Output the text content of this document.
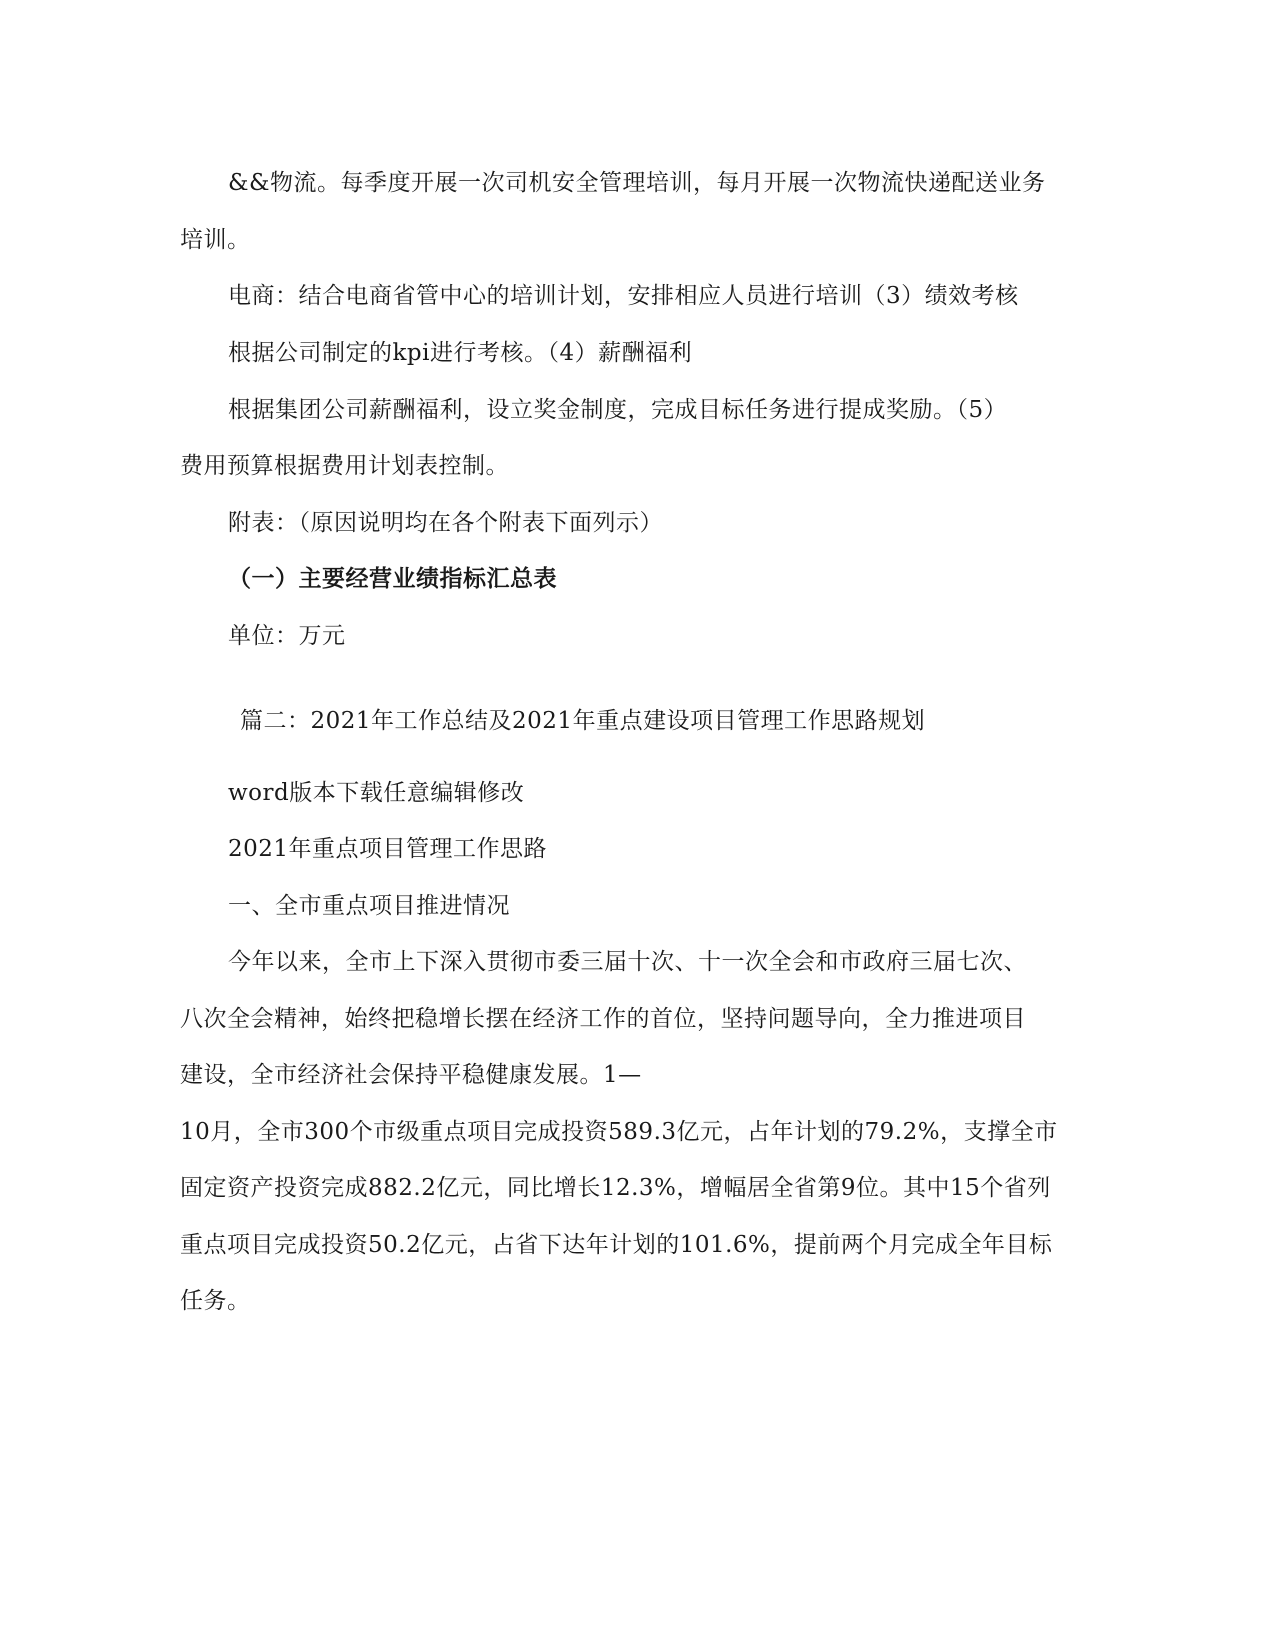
&&物流。每季度开展一次司机安全管理培训，每月开展一次物流快递配送业务
培训。
电商：结合电商省管中心的培训计划，安排相应人员进行培训（3）绩效考核
根据公司制定的kpi进行考核。（4）薪酬福利
根据集团公司薪酬福利，设立奖金制度，完成目标任务进行提成奖励。（5）
费用预算根据费用计划表控制。
附表：（原因说明均在各个附表下面列示）
（一）主要经营业绩指标汇总表
单位：万元
篇二：2021年工作总结及2021年重点建设项目管理工作思路规划
word版本下载任意编辑修改
2021年重点项目管理工作思路
一、全市重点项目推进情况
今年以来，全市上下深入贯彻市委三届十次、十一次全会和市政府三届七次、
八次全会精神，始终把稳增长摆在经济工作的首位，坚持问题导向，全力推进项目
建设，全市经济社会保持平稳健康发展。1—
10月，全市300个市级重点项目完成投资589.3亿元，占年计划的79.2%，支撑全市
固定资产投资完成882.2亿元，同比增长12.3%，增幅居全省第9位。其中15个省列
重点项目完成投资50.2亿元，占省下达年计划的101.6%，提前两个月完成全年目标
任务。
